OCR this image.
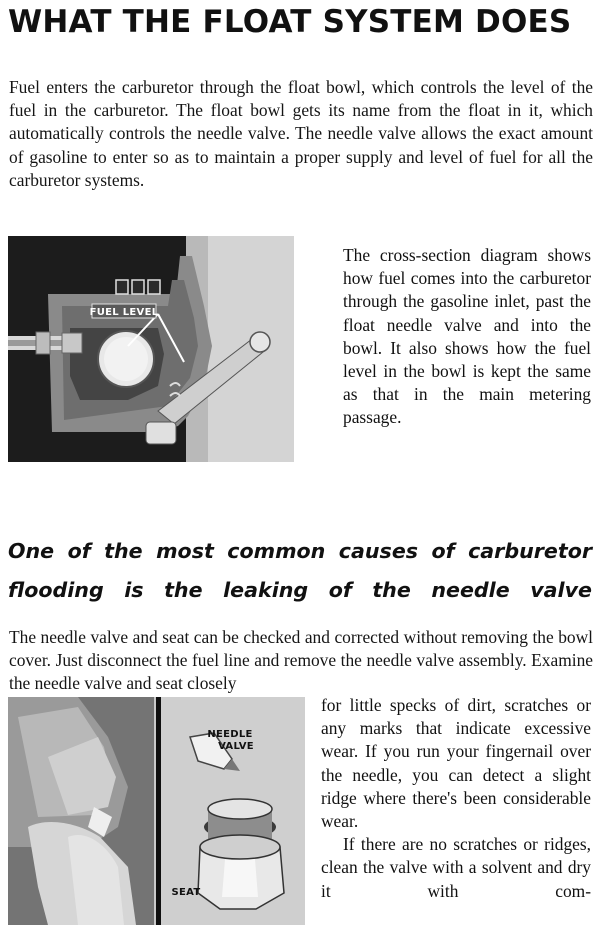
WHAT THE FLOAT SYSTEM DOES

Fuel enters the carburetor through the float bowl, which controls the level of the fuel in the carburetor. The float bowl gets its name from the float in it, which automatically controls the needle valve. The needle valve allows the exact amount of gasoline to enter so as to maintain a proper supply and level of fuel for all the carburetor systems.

FUEL LEVEL
The cross-section diagram shows how fuel comes into the carburetor through the gasoline inlet, past the float needle valve and into the bowl. It also shows how the fuel level in the bowl is kept the same as that in the main metering passage.
One of the most common causes of carburetor flooding is the leaking of the needle valve

The needle valve and seat can be checked and corrected without removing the bowl cover. Just disconnect the fuel line and remove the needle valve assembly. Examine the needle valve and seat closely

NEEDLE
VALVE
SEAT

for little specks of dirt, scratches or any marks that indicate excessive wear. If you run your fingernail over the needle, you can detect a slight ridge where there's been considerable wear.

If there are no scratches or ridges, clean the valve with a solvent and dry it with com-
